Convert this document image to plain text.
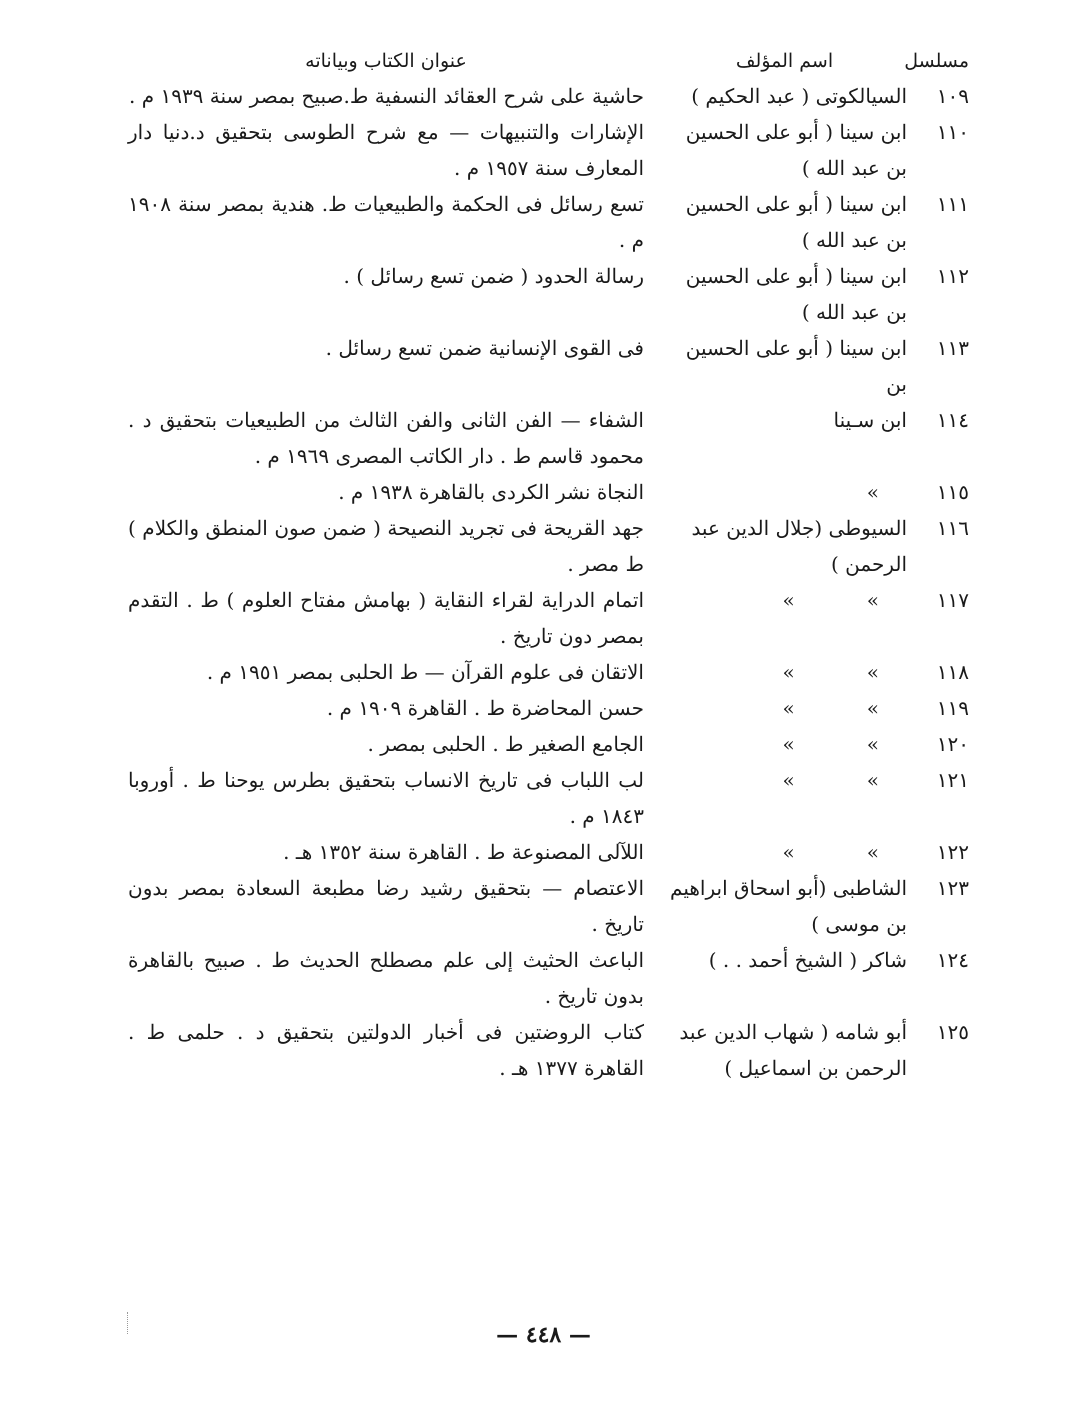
مسلسل
اسم المؤلف
عنوان الكتاب وبياناته
١٠٩
السيالكوتى ( عبد الحكيم )
حاشية على شرح العقائد النسفية ط.صبيح بمصر سنة ١٩٣٩ م .
١١٠
ابن سينا ( أبو على الحسين بن عبد الله )
الإشارات والتنبيهات — مع شرح الطوسى بتحقيق د.دنيا دار المعارف سنة ١٩٥٧ م .
١١١
ابن سينا ( أبو على الحسين بن عبد الله )
تسع رسائل فى الحكمة والطبيعيات ط. هندية بمصر سنة ١٩٠٨ م .
١١٢
ابن سينا ( أبو على الحسين بن عبد الله )
رسالة الحدود ( ضمن تسع رسائل ) .
١١٣
ابن سينا ( أبو على الحسين بن
فى القوى الإنسانية ضمن تسع رسائل .
١١٤
ابن سـينا
الشفاء — الفن الثانى والفن الثالث من الطبيعيات بتحقيق د . محمود قاسم ط . دار الكاتب المصرى ١٩٦٩ م .
١١٥
»
النجاة نشر الكردى بالقاهرة ١٩٣٨ م .
١١٦
السيوطى (جلال الدين عبد الرحمن )
جهد القريحة فى تجريد النصيحة ( ضمن صون المنطق والكلام ) ط مصر .
١١٧
»
»
اتمام الدراية لقراء النقاية ( بهامش مفتاح العلوم ) ط . التقدم بمصر دون تاريخ .
١١٨
»
»
الاتقان فى علوم القرآن — ط الحلبى بمصر ١٩٥١ م .
١١٩
»
»
حسن المحاضرة ط . القاهرة ١٩٠٩ م .
١٢٠
»
»
الجامع الصغير ط . الحلبى بمصر .
١٢١
»
»
لب اللباب فى تاريخ الانساب بتحقيق بطرس يوحنا ط . أوروبا ١٨٤٣ م .
١٢٢
»
»
اللآلى المصنوعة ط . القاهرة سنة ١٣٥٢ هـ .
١٢٣
الشاطبى (أبو اسحاق ابراهيم بن موسى )
الاعتصام — بتحقيق رشيد رضا مطبعة السعادة بمصر بدون تاريخ .
١٢٤
شاكر ( الشيخ أحمد . . )
الباعث الحثيث إلى علم مصطلح الحديث ط . صبيح بالقاهرة بدون تاريخ .
١٢٥
أبو شامه ( شهاب الدين عبد الرحمن بن اسماعيل )
كتاب الروضتين فى أخبار الدولتين بتحقيق د . حلمى ط . القاهرة ١٣٧٧ هـ .
— ٤٤٨ —
